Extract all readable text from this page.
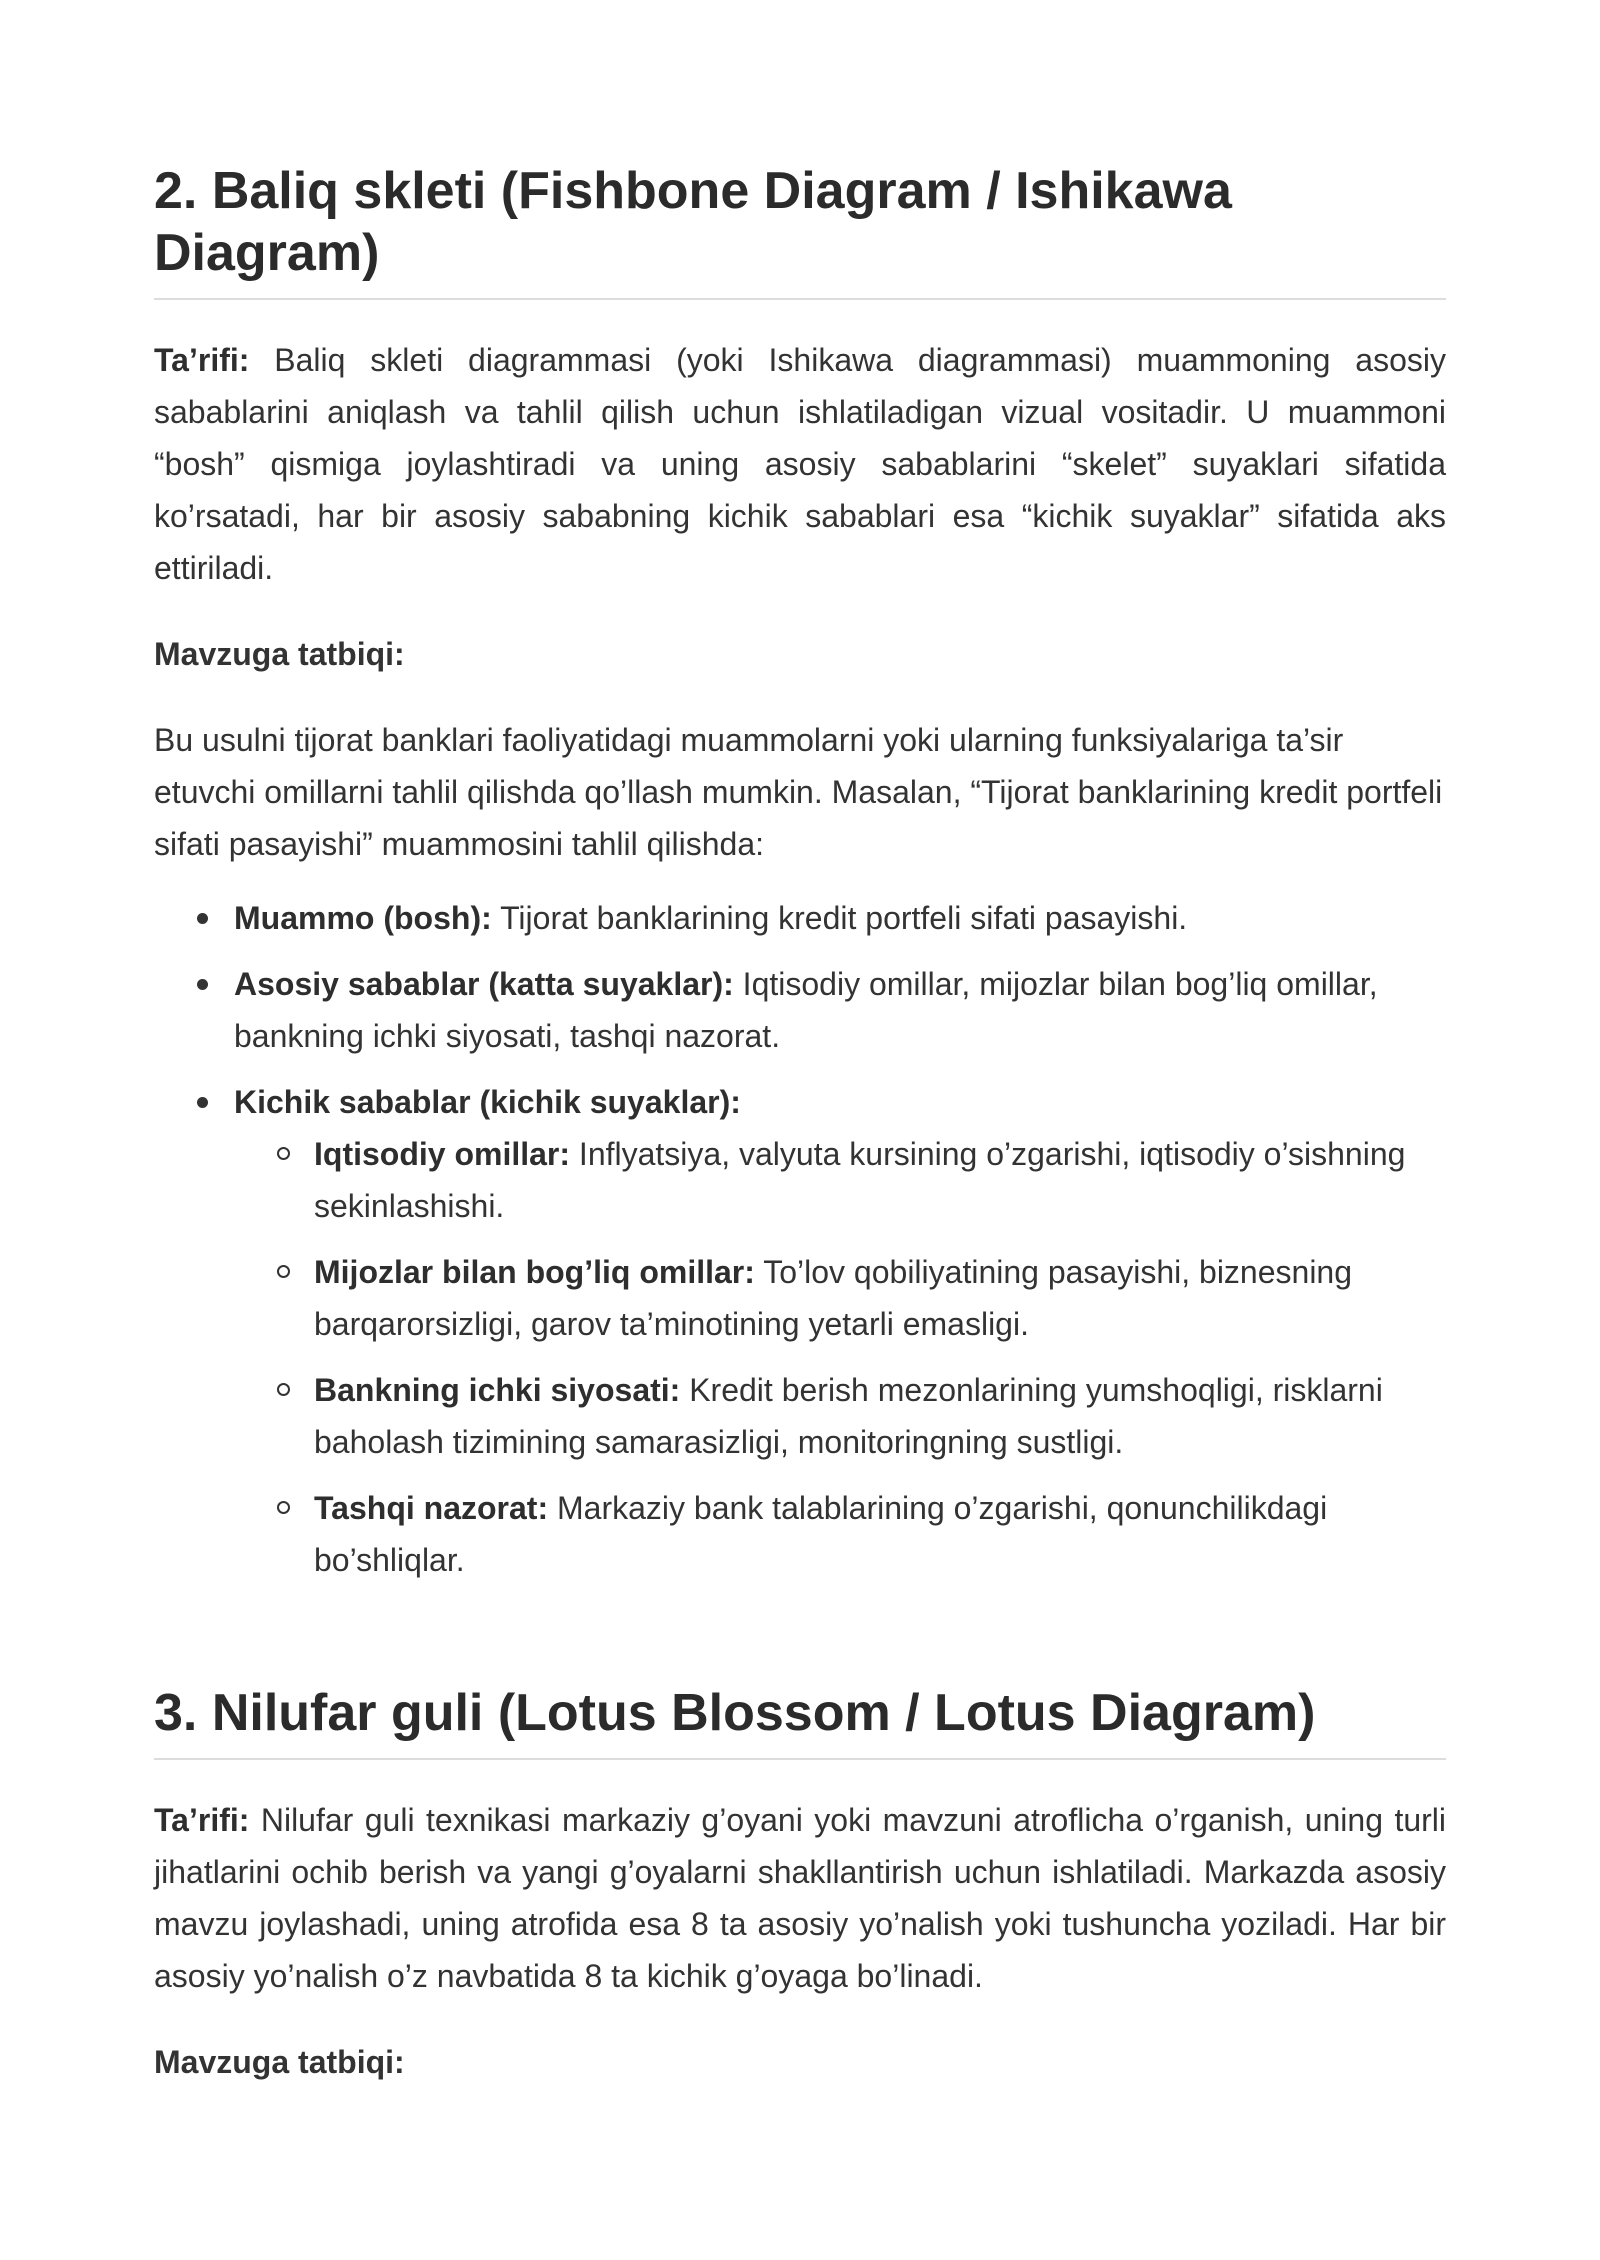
2. Baliq skleti (Fishbone Diagram / Ishikawa Diagram)

Ta’rifi: Baliq skleti diagrammasi (yoki Ishikawa diagrammasi) muammoning asosiy sabablarini aniqlash va tahlil qilish uchun ishlatiladigan vizual vositadir. U muammoni “bosh” qismiga joylashtiradi va uning asosiy sabablarini “skelet” suyaklari sifatida ko’rsatadi, har bir asosiy sababning kichik sabablari esa “kichik suyaklar” sifatida aks ettiriladi.

Mavzuga tatbiqi:

Bu usulni tijorat banklari faoliyatidagi muammolarni yoki ularning funksiyalariga ta’sir etuvchi omillarni tahlil qilishda qo’llash mumkin. Masalan, “Tijorat banklarining kredit portfeli sifati pasayishi” muammosini tahlil qilishda:

Muammo (bosh): Tijorat banklarining kredit portfeli sifati pasayishi.
Asosiy sabablar (katta suyaklar): Iqtisodiy omillar, mijozlar bilan bog’liq omillar, bankning ichki siyosati, tashqi nazorat.
Kichik sabablar (kichik suyaklar):
Iqtisodiy omillar: Inflyatsiya, valyuta kursining o’zgarishi, iqtisodiy o’sishning sekinlashishi.
Mijozlar bilan bog’liq omillar: To’lov qobiliyatining pasayishi, biznesning barqarorsizligi, garov ta’minotining yetarli emasligi.
Bankning ichki siyosati: Kredit berish mezonlarining yumshoqligi, risklarni baholash tizimining samarasizligi, monitoringning sustligi.
Tashqi nazorat: Markaziy bank talablarining o’zgarishi, qonunchilikdagi bo’shliqlar.
3. Nilufar guli (Lotus Blossom / Lotus Diagram)

Ta’rifi: Nilufar guli texnikasi markaziy g’oyani yoki mavzuni atroflicha o’rganish, uning turli jihatlarini ochib berish va yangi g’oyalarni shakllantirish uchun ishlatiladi. Markazda asosiy mavzu joylashadi, uning atrofida esa 8 ta asosiy yo’nalish yoki tushuncha yoziladi. Har bir asosiy yo’nalish o’z navbatida 8 ta kichik g’oyaga bo’linadi.

Mavzuga tatbiqi:
